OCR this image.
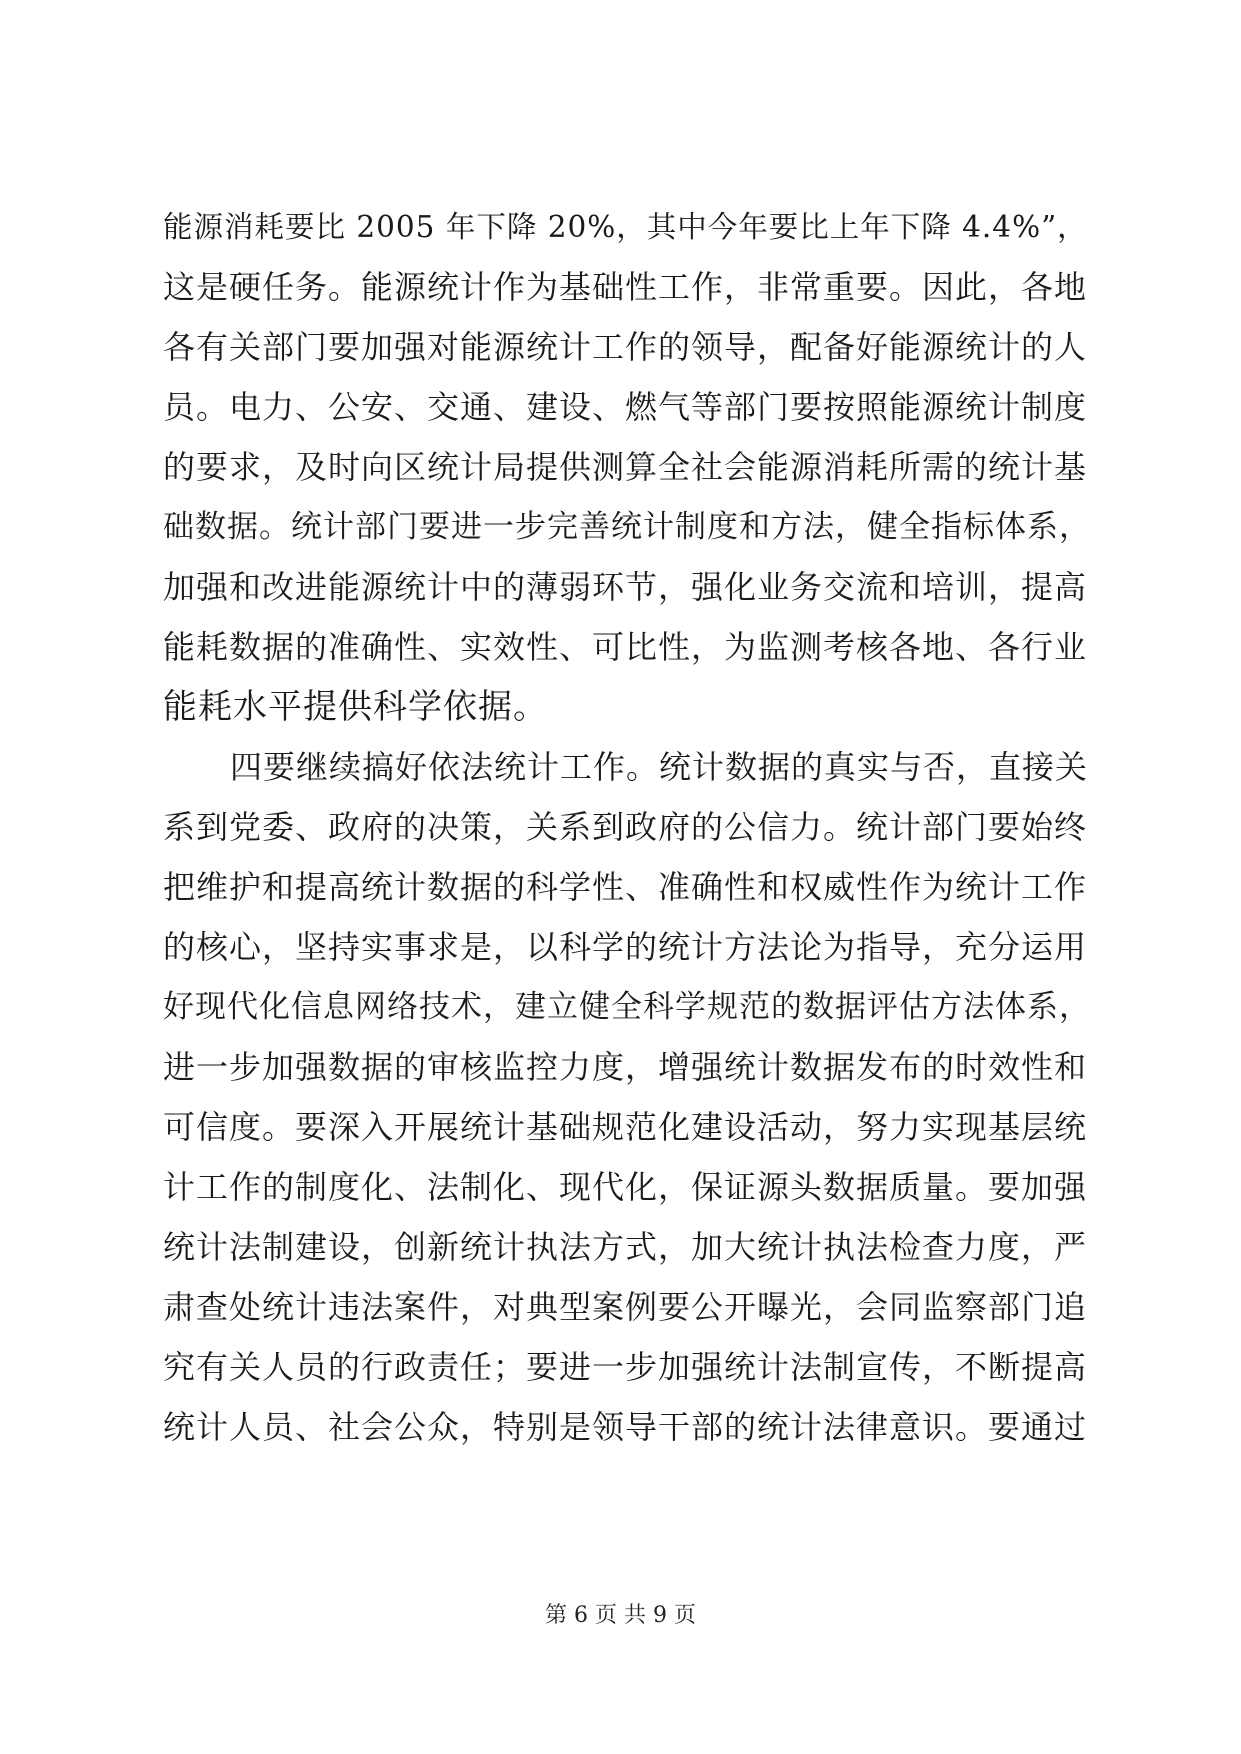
能源消耗要比 2005 年下降 20%，其中今年要比上年下降 4.4%”，
这是硬任务。能源统计作为基础性工作，非常重要。因此，各地
各有关部门要加强对能源统计工作的领导，配备好能源统计的人
员。电力、公安、交通、建设、燃气等部门要按照能源统计制度
的要求，及时向区统计局提供测算全社会能源消耗所需的统计基
础数据。统计部门要进一步完善统计制度和方法，健全指标体系，
加强和改进能源统计中的薄弱环节，强化业务交流和培训，提高
能耗数据的准确性、实效性、可比性，为监测考核各地、各行业
能耗水平提供科学依据。
四要继续搞好依法统计工作。统计数据的真实与否，直接关
系到党委、政府的决策，关系到政府的公信力。统计部门要始终
把维护和提高统计数据的科学性、准确性和权威性作为统计工作
的核心，坚持实事求是，以科学的统计方法论为指导，充分运用
好现代化信息网络技术，建立健全科学规范的数据评估方法体系，
进一步加强数据的审核监控力度，增强统计数据发布的时效性和
可信度。要深入开展统计基础规范化建设活动，努力实现基层统
计工作的制度化、法制化、现代化，保证源头数据质量。要加强
统计法制建设，创新统计执法方式，加大统计执法检查力度，严
肃查处统计违法案件，对典型案例要公开曝光，会同监察部门追
究有关人员的行政责任；要进一步加强统计法制宣传，不断提高
统计人员、社会公众，特别是领导干部的统计法律意识。要通过
第 6 页 共 9 页
